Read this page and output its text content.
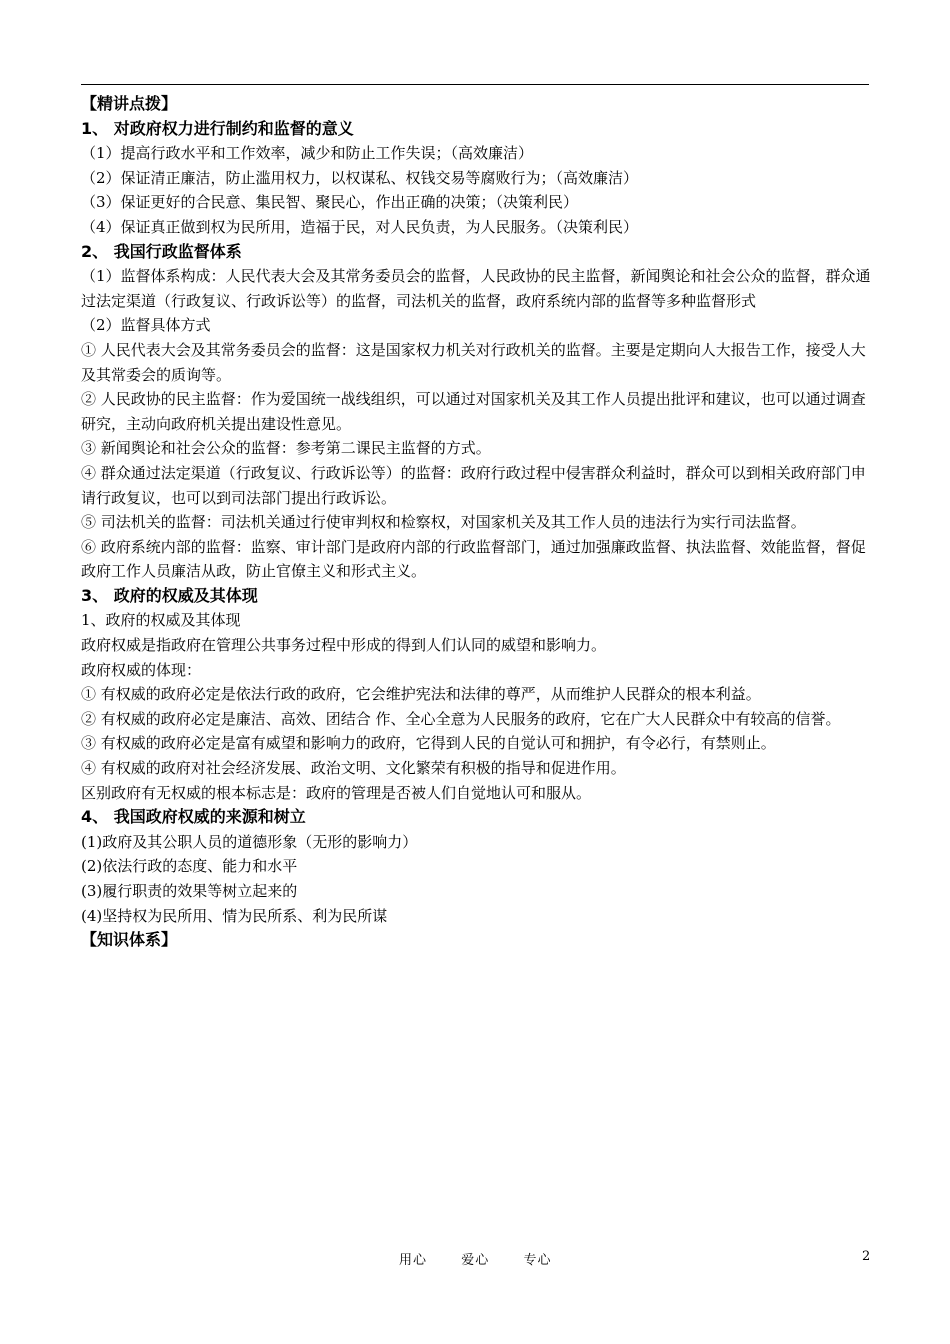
【精讲点拨】
1、 对政府权力进行制约和监督的意义
（1）提高行政水平和工作效率，减少和防止工作失误；（高效廉洁）
（2）保证清正廉洁，防止滥用权力，以权谋私、权钱交易等腐败行为；（高效廉洁）
（3）保证更好的合民意、集民智、聚民心，作出正确的决策；（决策利民）
（4）保证真正做到权为民所用，造福于民，对人民负责，为人民服务。（决策利民）
2、 我国行政监督体系
（1）监督体系构成：人民代表大会及其常务委员会的监督，人民政协的民主监督，新闻舆论和社会公众的监督，群众通过法定渠道（行政复议、行政诉讼等）的监督，司法机关的监督，政府系统内部的监督等多种监督形式
（2）监督具体方式
① 人民代表大会及其常务委员会的监督：这是国家权力机关对行政机关的监督。主要是定期向人大报告工作，接受人大及其常委会的质询等。
② 人民政协的民主监督：作为爱国统一战线组织，可以通过对国家机关及其工作人员提出批评和建议，也可以通过调查研究，主动向政府机关提出建设性意见。
③ 新闻舆论和社会公众的监督：参考第二课民主监督的方式。
④ 群众通过法定渠道（行政复议、行政诉讼等）的监督：政府行政过程中侵害群众利益时，群众可以到相关政府部门申请行政复议，也可以到司法部门提出行政诉讼。
⑤ 司法机关的监督：司法机关通过行使审判权和检察权，对国家机关及其工作人员的违法行为实行司法监督。
⑥ 政府系统内部的监督：监察、审计部门是政府内部的行政监督部门，通过加强廉政监督、执法监督、效能监督，督促政府工作人员廉洁从政，防止官僚主义和形式主义。
3、 政府的权威及其体现
1、政府的权威及其体现
政府权威是指政府在管理公共事务过程中形成的得到人们认同的威望和影响力。
政府权威的体现：
① 有权威的政府必定是依法行政的政府，它会维护宪法和法律的尊严，从而维护人民群众的根本利益。
② 有权威的政府必定是廉洁、高效、团结合 作、全心全意为人民服务的政府，它在广大人民群众中有较高的信誉。
③ 有权威的政府必定是富有威望和影响力的政府，它得到人民的自觉认可和拥护，有令必行，有禁则止。
④ 有权威的政府对社会经济发展、政治文明、文化繁荣有积极的指导和促进作用。
区别政府有无权威的根本标志是：政府的管理是否被人们自觉地认可和服从。
4、 我国政府权威的来源和树立
(1)政府及其公职人员的道德形象（无形的影响力）
(2)依法行政的态度、能力和水平
(3)履行职责的效果等树立起来的
(4)坚持权为民所用、情为民所系、利为民所谋
【知识体系】
用心  爱心  专心	2
